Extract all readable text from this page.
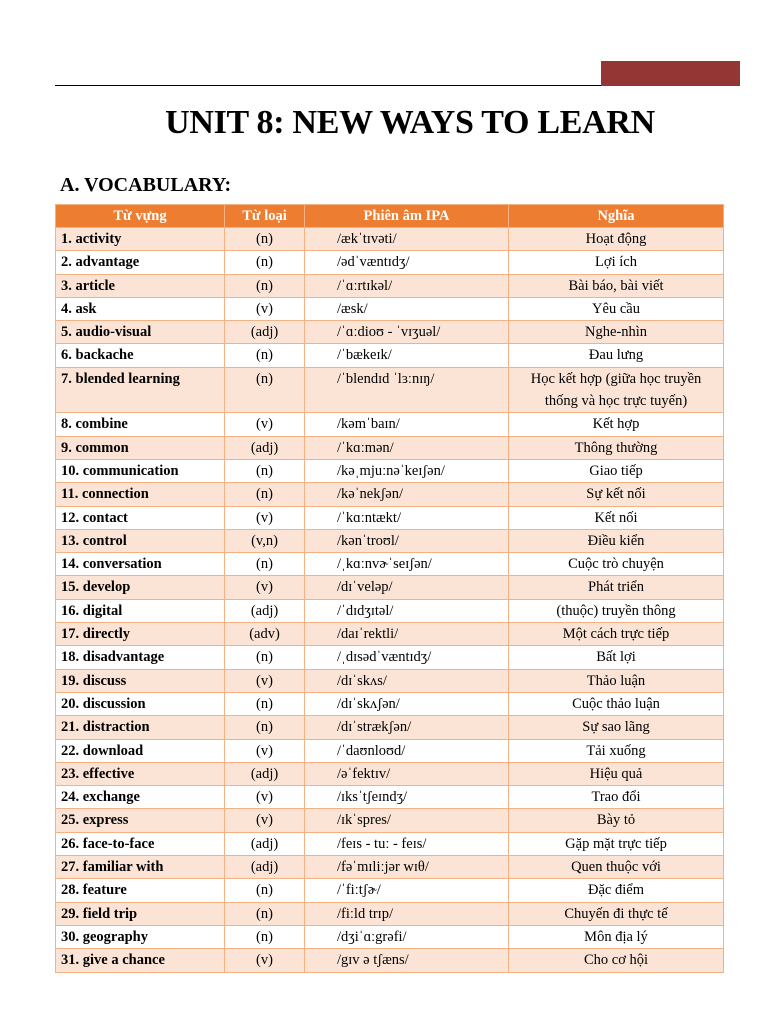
UNIT 8: NEW WAYS TO LEARN
A. VOCABULARY:
Từ vựng	Từ loại	Phiên âm IPA	Nghĩa
1. activity	(n)	/ækˈtɪvəti/	Hoạt động
2. advantage	(n)	/ədˈvæntɪdʒ/	Lợi ích
3. article	(n)	/ˈɑːrtɪkəl/	Bài báo, bài viết
4. ask	(v)	/æsk/	Yêu cầu
5. audio-visual	(adj)	/ˈɑːdioʊ - ˈvɪʒuəl/	Nghe-nhìn
6. backache	(n)	/ˈbækeɪk/	Đau lưng
7. blended learning	(n)	/ˈblendɪd ˈlɜːnɪŋ/	Học kết hợp (giữa học truyền thống và học trực tuyến)
8. combine	(v)	/kəmˈbaɪn/	Kết hợp
9. common	(adj)	/ˈkɑːmən/	Thông thường
10. communication	(n)	/kəˌmjuːnəˈkeɪʃən/	Giao tiếp
11. connection	(n)	/kəˈnekʃən/	Sự kết nối
12. contact	(v)	/ˈkɑːntækt/	Kết nối
13. control	(v,n)	/kənˈtroʊl/	Điều kiển
14. conversation	(n)	/ˌkɑːnvɚˈseɪʃən/	Cuộc trò chuyện
15. develop	(v)	/dɪˈveləp/	Phát triển
16. digital	(adj)	/ˈdɪdʒɪtəl/	(thuộc) truyền thông
17. directly	(adv)	/daɪˈrektli/	Một cách trực tiếp
18. disadvantage	(n)	/ˌdɪsədˈvæntɪdʒ/	Bất lợi
19. discuss	(v)	/dɪˈskʌs/	Thảo luận
20. discussion	(n)	/dɪˈskʌʃən/	Cuộc thảo luận
21. distraction	(n)	/dɪˈstrækʃən/	Sự sao lãng
22. download	(v)	/ˈdaʊnloʊd/	Tải xuống
23. effective	(adj)	/əˈfektɪv/	Hiệu quả
24. exchange	(v)	/ɪksˈtʃeɪndʒ/	Trao đổi
25. express	(v)	/ɪkˈspres/	Bày tỏ
26. face-to-face	(adj)	/feɪs - tuː - feɪs/	Gặp mặt trực tiếp
27. familiar with	(adj)	/fəˈmɪliːjər wɪθ/	Quen thuộc với
28. feature	(n)	/ˈfiːtʃɚ/	Đặc điểm
29. field trip	(n)	/fiːld trɪp/	Chuyến đi thực tế
30. geography	(n)	/dʒiˈɑːgrəfi/	Môn địa lý
31. give a chance	(v)	/gɪv ə tʃæns/	Cho cơ hội
